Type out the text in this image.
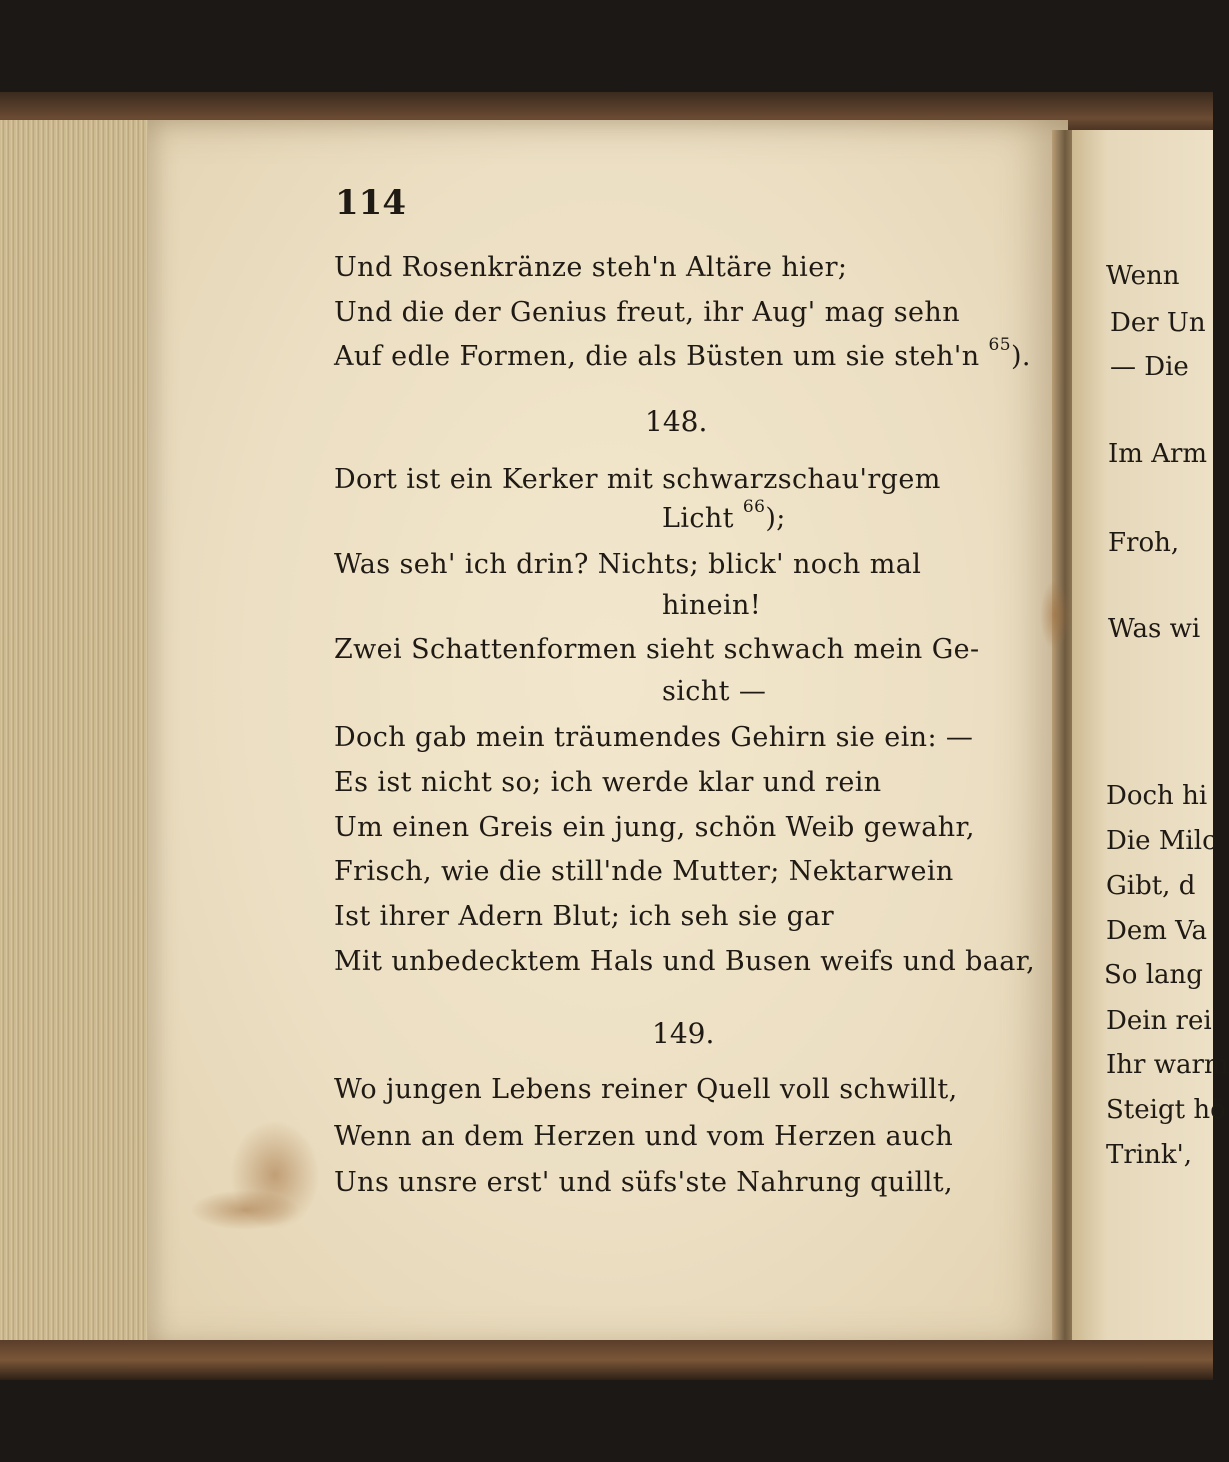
114
Und Rosenkränze steh'n Altäre hier;
Und die der Genius freut, ihr Aug' mag sehn
Auf edle Formen, die als Büsten um sie steh'n $^{65}$).
148.
Dort ist ein Kerker mit schwarzschau'rgem
Licht $^{66}$);
Was seh' ich drin? Nichts; blick' noch mal
hinein!
Zwei Schattenformen sieht schwach mein Ge-
sicht —
Doch gab mein träumendes Gehirn sie ein: —
Es ist nicht so; ich werde klar und rein
Um einen Greis ein jung, schön Weib gewahr,
Frisch, wie die still'nde Mutter; Nektarwein
Ist ihrer Adern Blut; ich seh sie gar
Mit unbedecktem Hals und Busen weifs und baar,
149.
Wo jungen Lebens reiner Quell voll schwillt,
Wenn an dem Herzen und vom Herzen auch
Uns unsre erst' und süfs'ste Nahrung quillt,
Wenn
Der Un
— Die
Im Arm
Froh,
Was wi
Doch hi
Die Milc
Gibt, d
Dem Va
So lang
Dein rei
Ihr warm
Steigt hö
Trink',
